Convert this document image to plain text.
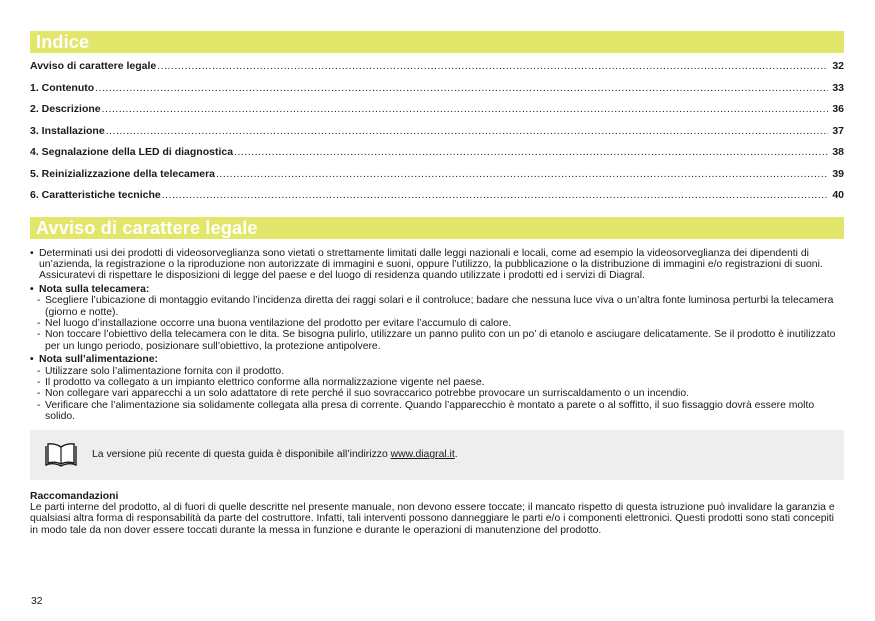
Indice
Avviso di carattere legale .....	32
1. Contenuto .....	33
2. Descrizione .....	36
3. Installazione .....	37
4. Segnalazione della LED di diagnostica .....	38
5. Reinizializzazione della telecamera .....	39
6. Caratteristiche tecniche .....	40
Avviso di carattere legale
• Determinati usi dei prodotti di videosorveglianza sono vietati o strettamente limitati dalle leggi nazionali e locali, come ad esempio la videosorveglianza dei dipendenti di un’azienda, la registrazione o la riproduzione non autorizzate di immagini e suoni, oppure l’utilizzo, la pubblicazione o la distribuzione di immagini e/o registrazioni di suoni. Assicuratevi di rispettare le disposizioni di legge del paese e del luogo di residenza quando utilizzate i prodotti ed i servizi di Diagral.
• Nota sulla telecamera:
- Scegliere l’ubicazione di montaggio evitando l’incidenza diretta dei raggi solari e il controluce; badare che nessuna luce viva o un’altra fonte luminosa perturbi la telecamera (giorno e notte).
- Nel luogo d’installazione occorre una buona ventilazione del prodotto per evitare l’accumulo di calore.
- Non toccare l’obiettivo della telecamera con le dita. Se bisogna pulirlo, utilizzare un panno pulito con un po’ di etanolo e asciugare delicatamente. Se il prodotto è inutilizzato per un lungo periodo, posizionare sull’obiettivo, la protezione antipolvere.
• Nota sull’alimentazione:
- Utilizzare solo l’alimentazione fornita con il prodotto.
- Il prodotto va collegato a un impianto elettrico conforme alla normalizzazione vigente nel paese.
- Non collegare vari apparecchi a un solo adattatore di rete perché il suo sovraccarico potrebbe provocare un surriscaldamento o un incendio.
- Verificare che l’alimentazione sia solidamente collegata alla presa di corrente. Quando l’apparecchio è montato a parete o al soffitto, il suo fissaggio dovrà essere molto solido.
La versione più recente di questa guida è disponibile all’indirizzo www.diagral.it.
Raccomandazioni
Le parti interne del prodotto, al di fuori di quelle descritte nel presente manuale, non devono essere toccate; il mancato rispetto di questa istruzione può invalidare la garanzia e qualsiasi altra forma di responsabilità da parte del costruttore. Infatti, tali interventi possono danneggiare le parti e/o i componenti elettronici. Questi prodotti sono stati concepiti in modo tale da non dover essere toccati durante la messa in funzione e durante le operazioni di manutenzione del prodotto.
32
